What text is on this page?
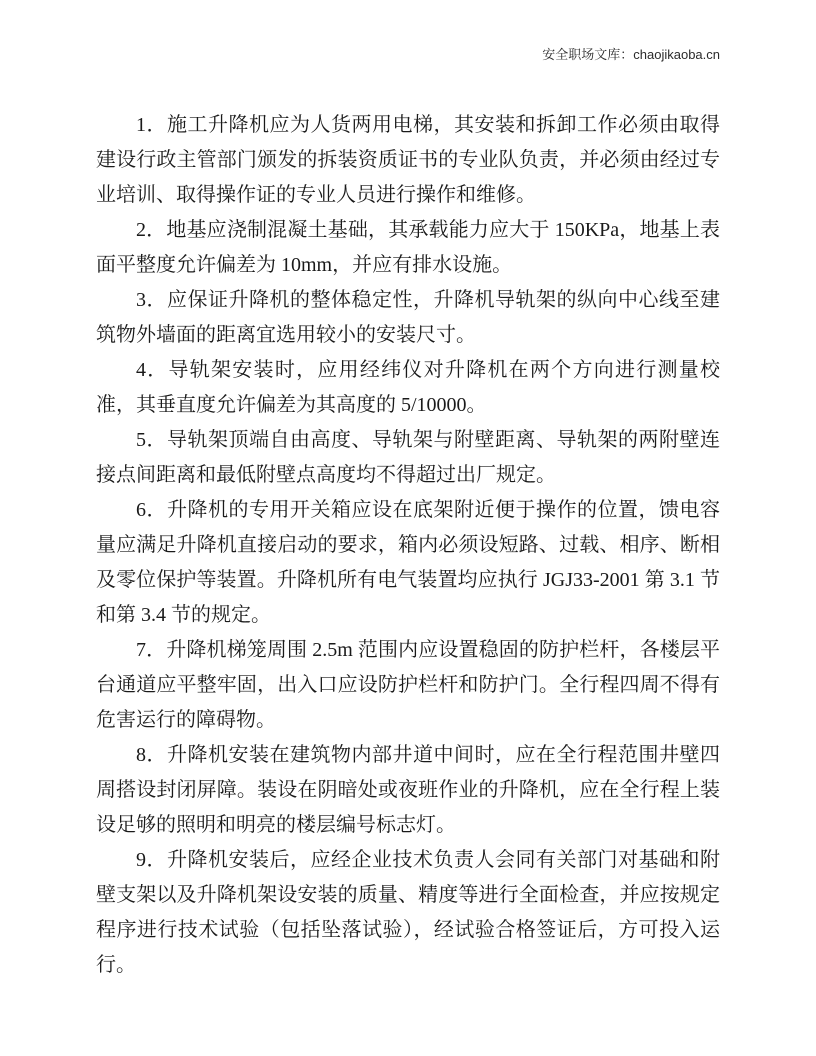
安全职场文库：chaojikaoba.cn

1．施工升降机应为人货两用电梯，其安装和拆卸工作必须由取得建设行政主管部门颁发的拆装资质证书的专业队负责，并必须由经过专业培训、取得操作证的专业人员进行操作和维修。

2．地基应浇制混凝土基础，其承载能力应大于 150KPa，地基上表面平整度允许偏差为 10mm，并应有排水设施。

3．应保证升降机的整体稳定性，升降机导轨架的纵向中心线至建筑物外墙面的距离宜选用较小的安装尺寸。

4．导轨架安装时，应用经纬仪对升降机在两个方向进行测量校准，其垂直度允许偏差为其高度的 5/10000。

5．导轨架顶端自由高度、导轨架与附壁距离、导轨架的两附壁连接点间距离和最低附壁点高度均不得超过出厂规定。

6．升降机的专用开关箱应设在底架附近便于操作的位置，馈电容量应满足升降机直接启动的要求，箱内必须设短路、过载、相序、断相及零位保护等装置。升降机所有电气装置均应执行 JGJ33-2001 第 3.1 节和第 3.4 节的规定。

7．升降机梯笼周围 2.5m 范围内应设置稳固的防护栏杆，各楼层平台通道应平整牢固，出入口应设防护栏杆和防护门。全行程四周不得有危害运行的障碍物。

8．升降机安装在建筑物内部井道中间时，应在全行程范围井壁四周搭设封闭屏障。装设在阴暗处或夜班作业的升降机，应在全行程上装设足够的照明和明亮的楼层编号标志灯。

9．升降机安装后，应经企业技术负责人会同有关部门对基础和附壁支架以及升降机架设安装的质量、精度等进行全面检查，并应按规定程序进行技术试验（包括坠落试验），经试验合格签证后，方可投入运行。
